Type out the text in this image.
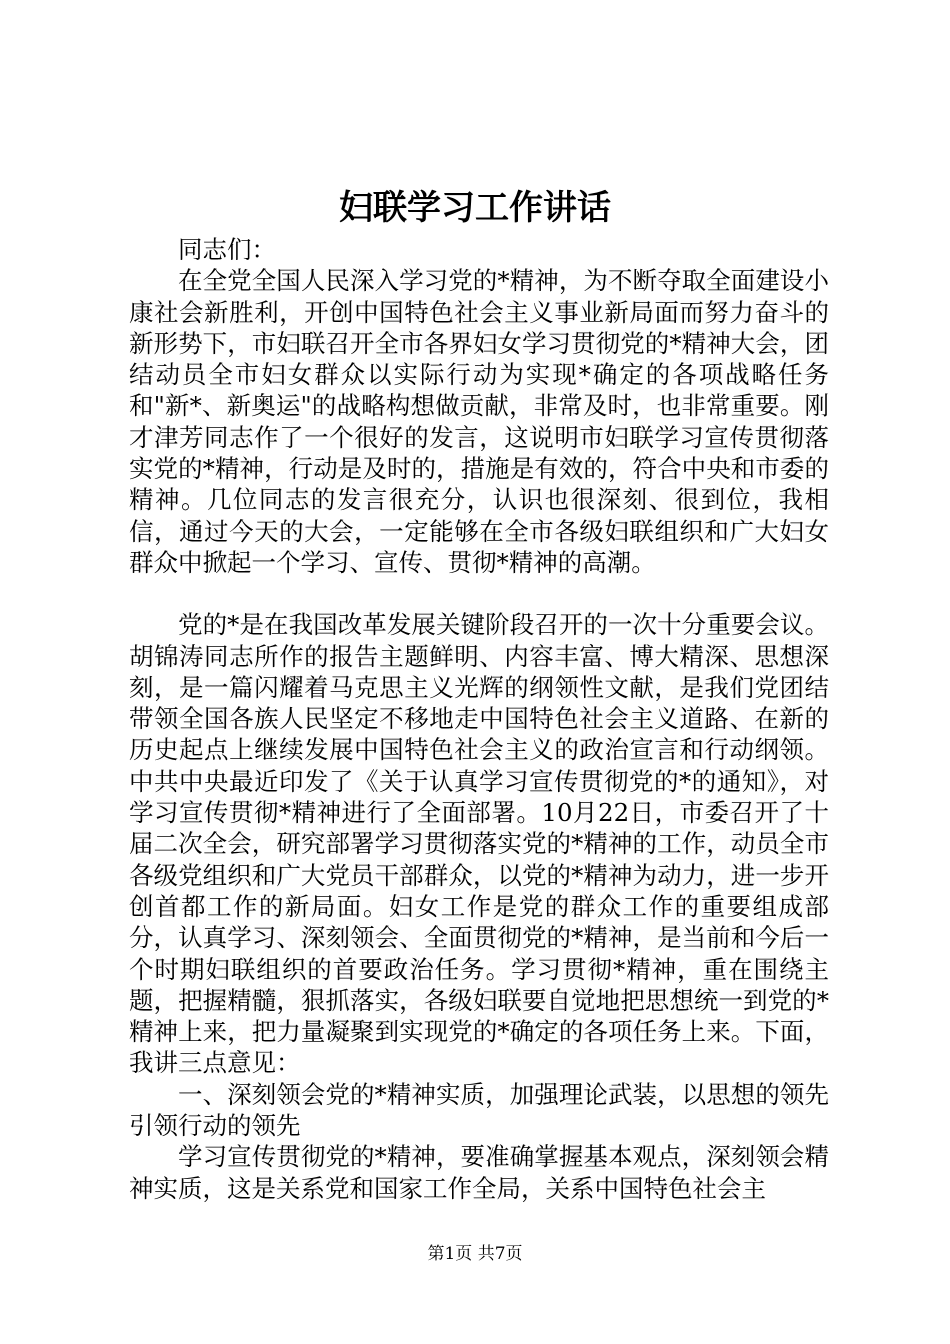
妇联学习工作讲话

同志们：

在全党全国人民深入学习党的*精神，为不断夺取全面建设小康社会新胜利，开创中国特色社会主义事业新局面而努力奋斗的新形势下，市妇联召开全市各界妇女学习贯彻党的*精神大会，团结动员全市妇女群众以实际行动为实现*确定的各项战略任务和"新*、新奥运"的战略构想做贡献，非常及时，也非常重要。刚才津芳同志作了一个很好的发言，这说明市妇联学习宣传贯彻落实党的*精神，行动是及时的，措施是有效的，符合中央和市委的精神。几位同志的发言很充分，认识也很深刻、很到位，我相信，通过今天的大会，一定能够在全市各级妇联组织和广大妇女群众中掀起一个学习、宣传、贯彻*精神的高潮。

党的*是在我国改革发展关键阶段召开的一次十分重要会议。胡锦涛同志所作的报告主题鲜明、内容丰富、博大精深、思想深刻，是一篇闪耀着马克思主义光辉的纲领性文献，是我们党团结带领全国各族人民坚定不移地走中国特色社会主义道路、在新的历史起点上继续发展中国特色社会主义的政治宣言和行动纲领。中共中央最近印发了《关于认真学习宣传贯彻党的*的通知》，对学习宣传贯彻*精神进行了全面部署。10月22日，市委召开了十届二次全会，研究部署学习贯彻落实党的*精神的工作，动员全市各级党组织和广大党员干部群众，以党的*精神为动力，进一步开创首都工作的新局面。妇女工作是党的群众工作的重要组成部分，认真学习、深刻领会、全面贯彻党的*精神，是当前和今后一个时期妇联组织的首要政治任务。学习贯彻*精神，重在围绕主题，把握精髓，狠抓落实，各级妇联要自觉地把思想统一到党的*精神上来，把力量凝聚到实现党的*确定的各项任务上来。下面，我讲三点意见：

一、深刻领会党的*精神实质，加强理论武装，以思想的领先引领行动的领先

学习宣传贯彻党的*精神，要准确掌握基本观点，深刻领会精神实质，这是关系党和国家工作全局，关系中国特色社会主

第1页 共7页
